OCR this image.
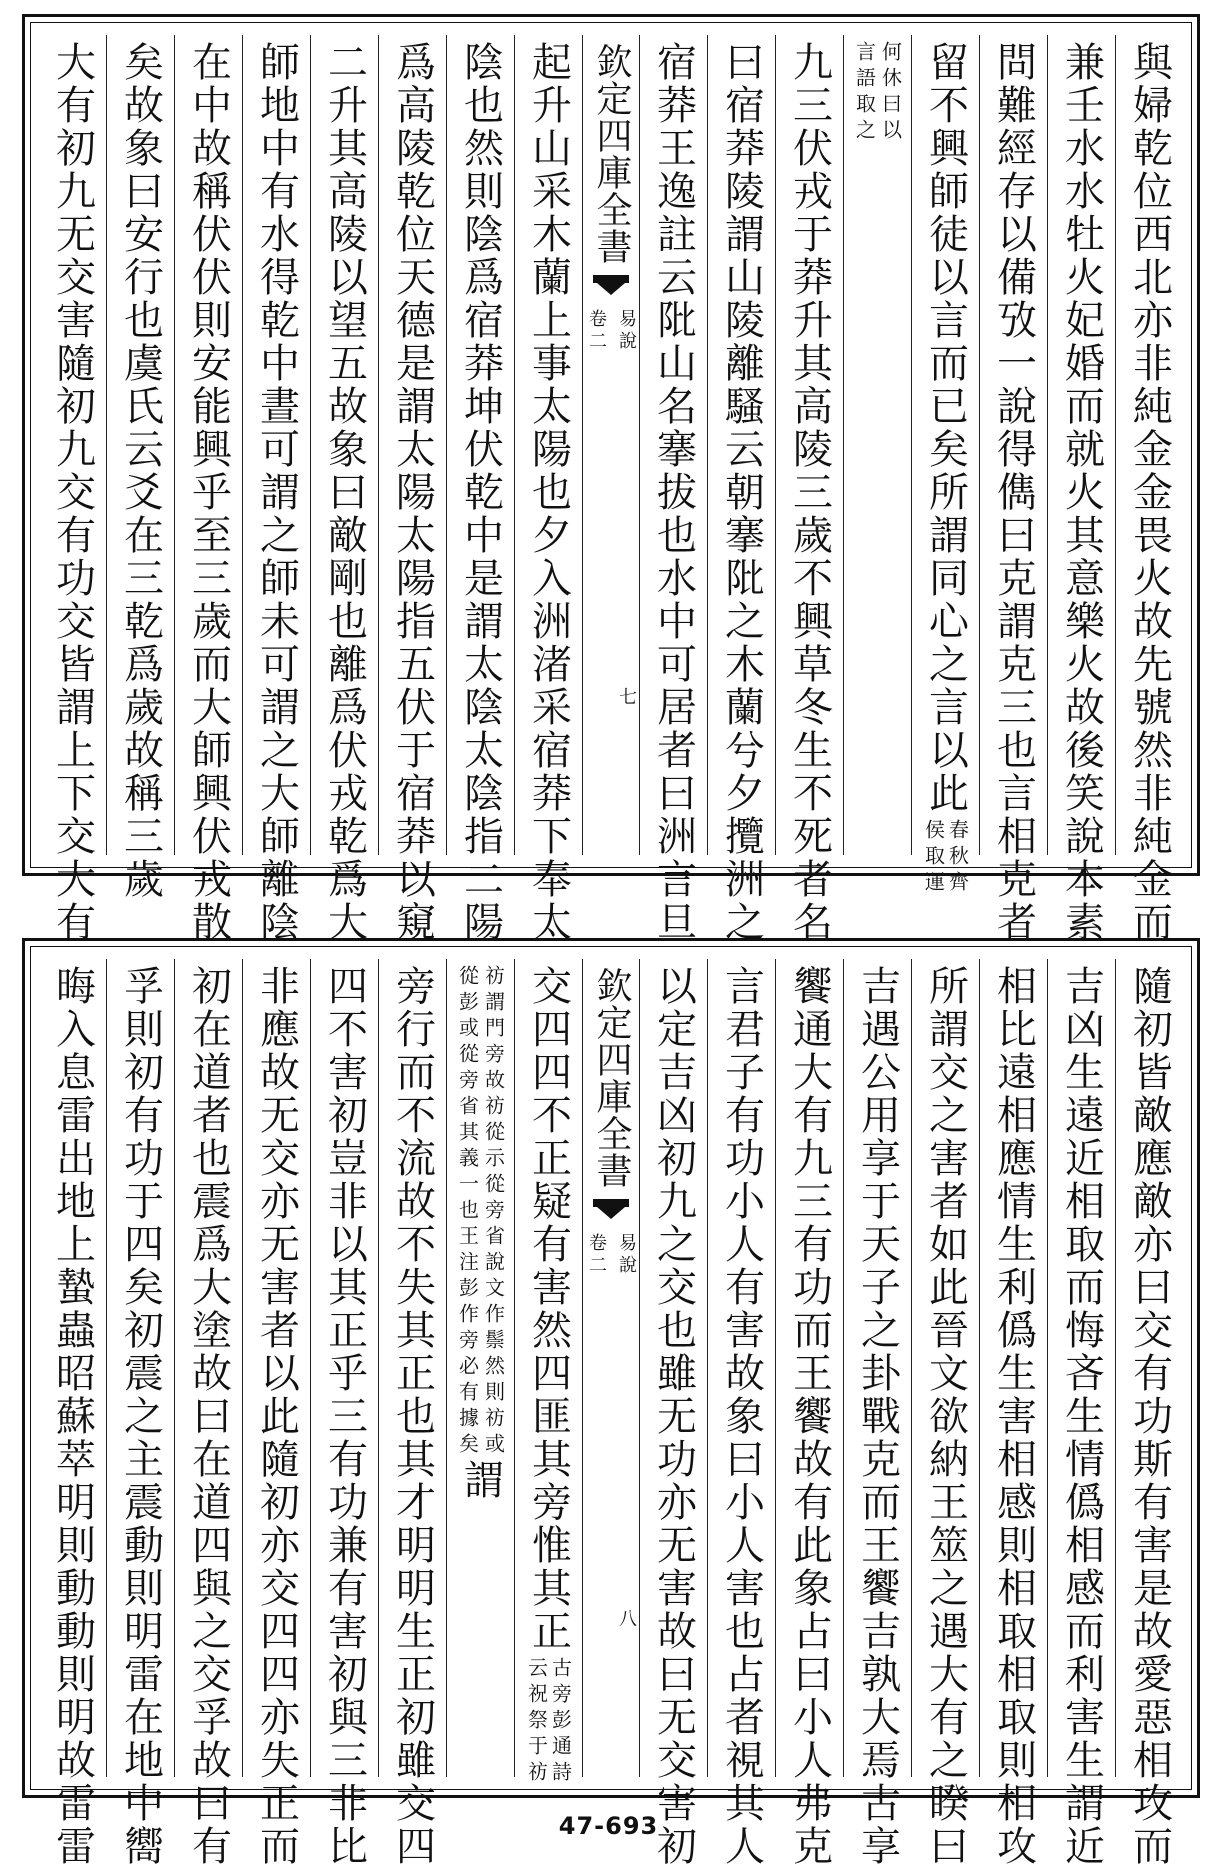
與婦乾位西北亦非純金金畏火故先號然非純金而
兼壬水水牡火妃婚而就火其意樂火故後笑說本素
問難經存以備攷一說得儁曰克謂克三也言相克者
留不興師徒以言而已矣所謂同心之言以此
春秋齊
侯取運
何休曰以
言語取之
九三伏戎于莽升其高陵三歲不興草冬生不死者名
曰宿莽陵謂山陵離騷云朝搴阰之木蘭兮夕攬洲之
宿莽王逸註云阰山名搴拔也水中可居者曰洲言旦
欽定四庫全書
易說
卷二
七
起升山采木蘭上事太陽也夕入洲渚采宿莽下奉太
陰也然則陰爲宿莽坤伏乾中是謂太陰太陰指二陽
爲高陵乾位天德是謂太陽太陽指五伏于宿莽以窺
二升其高陵以望五故象曰敵剛也離爲伏戎乾爲大
師地中有水得乾中晝可謂之師未可謂之大師離陰
在中故稱伏伏則安能興乎至三歲而大師興伏戎散
矣故象曰安行也虞氏云爻在三乾爲歲故稱三歲
大有初九无交害隨初九交有功交皆謂上下交大有
隨初皆敵應敵亦曰交有功斯有害是故愛惡相攻而
吉凶生遠近相取而悔吝生情僞相感而利害生謂近
相比遠相應情生利僞生害相感則相取相取則相攻
所謂交之害者如此晉文欲納王筮之遇大有之睽曰
吉遇公用享于天子之卦戰克而王饗吉孰大焉古享
饗通大有九三有功而王饗故有此象占曰小人弗克
言君子有功小人有害故象曰小人害也占者視其人
以定吉凶初九之交也雖无功亦无害故曰无交害初
欽定四庫全書
易說
卷二
八
交四四不正疑有害然四匪其旁惟其正
古旁彭通詩
云祝祭于祊
祊謂門旁故祊從示從旁省說文作鬃然則祊或
從彭或從旁省其義一也王注彭作旁必有據矣
謂
旁行而不流故不失其正也其才明明生正初雖交四
四不害初豈非以其正乎三有功兼有害初與三非比
非應故无交亦无害者以此隨初亦交四四亦失正而
初在道者也震爲大塗故曰在道四與之交孚故曰有
孚則初有功于四矣初震之主震動則明雷在地中嚮
晦入息雷出地上蟄蟲昭蘇萃明則動動則明故雷雷	47-693
